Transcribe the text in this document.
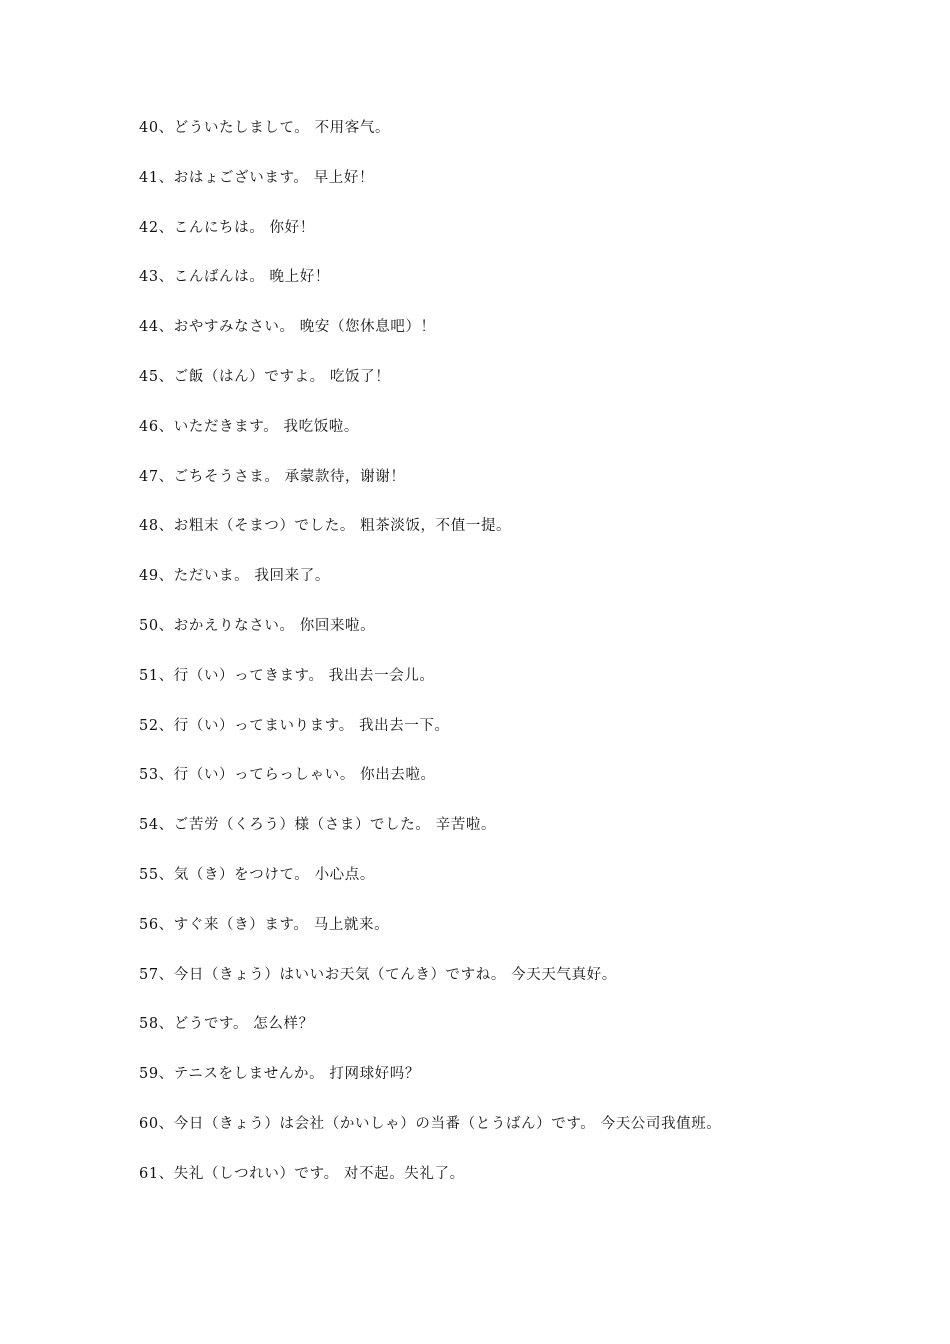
40、どういたしまして。 不用客气。
41、おはょございます。 早上好！
42、こんにちは。 你好！
43、こんばんは。 晚上好！
44、おやすみなさい。 晚安（您休息吧）！
45、ご飯（はん）ですよ。 吃饭了！
46、いただきます。 我吃饭啦。
47、ごちそうさま。 承蒙款待，谢谢！
48、お粗末（そまつ）でした。 粗茶淡饭，不值一提。
49、ただいま。 我回来了。
50、おかえりなさい。 你回来啦。
51、行（い）ってきます。 我出去一会儿。
52、行（い）ってまいります。 我出去一下。
53、行（い）ってらっしゃい。 你出去啦。
54、ご苦労（くろう）様（さま）でした。 辛苦啦。
55、気（き）をつけて。 小心点。
56、すぐ来（き）ます。 马上就来。
57、今日（きょう）はいいお天気（てんき）ですね。 今天天气真好。
58、どうです。 怎么样？
59、テニスをしませんか。 打网球好吗？
60、今日（きょう）は会社（かいしゃ）の当番（とうばん）です。 今天公司我值班。
61、失礼（しつれい）です。 对不起。失礼了。
